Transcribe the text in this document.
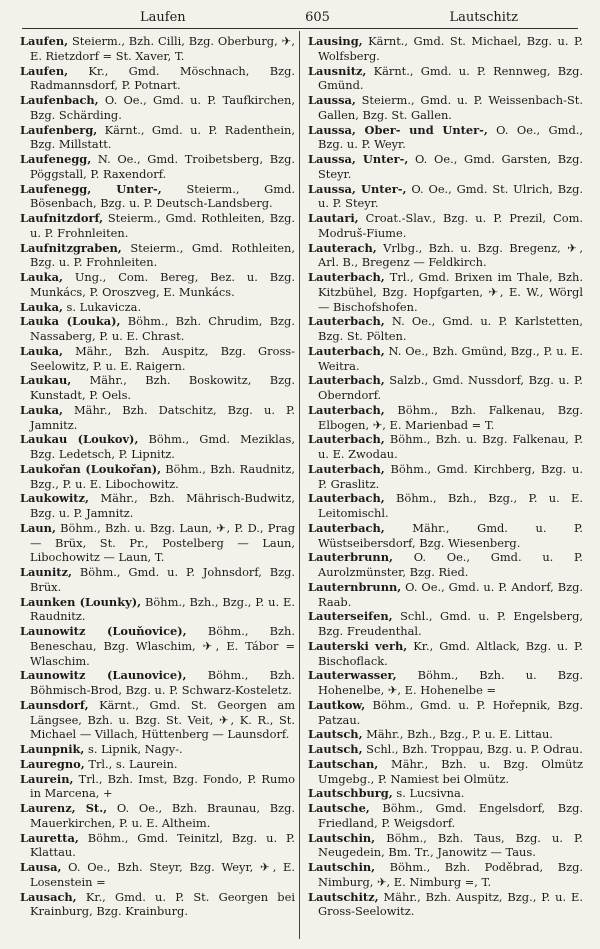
Laufen	605	Lautschitz

Laufen, Steierm., Bzh. Cilli, Bzg. Oberburg, ✈, E. Rietzdorf = St. Xaver, T.

Laufen, Kr., Gmd. Möschnach, Bzg. Radmannsdorf, P. Potnart.

Laufenbach, O. Oe., Gmd. u. P. Taufkirchen, Bzg. Schärding.

Laufenberg, Kärnt., Gmd. u. P. Radenthein, Bzg. Millstatt.

Laufenegg, N. Oe., Gmd. Troibetsberg, Bzg. Pöggstall, P. Raxendorf.

Laufenegg, Unter-, Steierm., Gmd. Bösenbach, Bzg. u. P. Deutsch-Landsberg.

Laufnitzdorf, Steierm., Gmd. Rothleiten, Bzg. u. P. Frohnleiten.

Laufnitzgraben, Steierm., Gmd. Rothleiten, Bzg. u. P. Frohnleiten.

Lauka, Ung., Com. Bereg, Bez. u. Bzg. Munkács, P. Oroszveg, E. Munkács.

Lauka, s. Lukavicza.

Lauka (Louka), Böhm., Bzh. Chrudim, Bzg. Nassaberg, P. u. E. Chrast.

Lauka, Mähr., Bzh. Auspitz, Bzg. Gross-Seelowitz, P. u. E. Raigern.

Laukau, Mähr., Bzh. Boskowitz, Bzg. Kunstadt, P. Oels.

Lauka, Mähr., Bzh. Datschitz, Bzg. u. P. Jamnitz.

Laukau (Loukov), Böhm., Gmd. Meziklas, Bzg. Ledetsch, P. Lipnitz.

Laukořan (Loukořan), Böhm., Bzh. Raudnitz, Bzg., P. u. E. Libochowitz.

Laukowitz, Mähr., Bzh. Mährisch-Budwitz, Bzg. u. P. Jamnitz.

Laun, Böhm., Bzh. u. Bzg. Laun, ✈, P. D., Prag — Brüx, St. Pr., Postelberg — Laun, Libochowitz — Laun, T.

Launitz, Böhm., Gmd. u. P. Johnsdorf, Bzg. Brüx.

Launken (Lounky), Böhm., Bzh., Bzg., P. u. E. Raudnitz.

Launowitz (Louňovice), Böhm., Bzh. Beneschau, Bzg. Wlaschim, ✈, E. Tábor = Wlaschim.

Launowitz (Launovice), Böhm., Bzh. Böhmisch-Brod, Bzg. u. P. Schwarz-Kosteletz.

Launsdorf, Kärnt., Gmd. St. Georgen am Längsee, Bzh. u. Bzg. St. Veit, ✈, K. R., St. Michael — Villach, Hüttenberg — Launsdorf.

Launpnik, s. Lipnik, Nagy-.

Lauregno, Trl., s. Laurein.

Laurein, Trl., Bzh. Imst, Bzg. Fondo, P. Rumo in Marcena, +

Laurenz, St., O. Oe., Bzh. Braunau, Bzg. Mauerkirchen, P. u. E. Altheim.

Lauretta, Böhm., Gmd. Teinitzl, Bzg. u. P. Klattau.

Lausa, O. Oe., Bzh. Steyr, Bzg. Weyr, ✈, E. Losenstein =

Lausach, Kr., Gmd. u. P. St. Georgen bei Krainburg, Bzg. Krainburg.

Lausing, Kärnt., Gmd. St. Michael, Bzg. u. P. Wolfsberg.

Lausnitz, Kärnt., Gmd. u. P. Rennweg, Bzg. Gmünd.

Laussa, Steierm., Gmd. u. P. Weissenbach-St. Gallen, Bzg. St. Gallen.

Laussa, Ober- und Unter-, O. Oe., Gmd., Bzg. u. P. Weyr.

Laussa, Unter-, O. Oe., Gmd. Garsten, Bzg. Steyr.

Laussa, Unter-, O. Oe., Gmd. St. Ulrich, Bzg. u. P. Steyr.

Lautari, Croat.-Slav., Bzg. u. P. Prezil, Com. Modruš-Fiume.

Lauterach, Vrlbg., Bzh. u. Bzg. Bregenz, ✈, Arl. B., Bregenz — Feldkirch.

Lauterbach, Trl., Gmd. Brixen im Thale, Bzh. Kitzbühel, Bzg. Hopfgarten, ✈, E. W., Wörgl — Bischofshofen.

Lauterbach, N. Oe., Gmd. u. P. Karlstetten, Bzg. St. Pölten.

Lauterbach, N. Oe., Bzh. Gmünd, Bzg., P. u. E. Weitra.

Lauterbach, Salzb., Gmd. Nussdorf, Bzg. u. P. Oberndorf.

Lauterbach, Böhm., Bzh. Falkenau, Bzg. Elbogen, ✈, E. Marienbad = T.

Lauterbach, Böhm., Bzh. u. Bzg. Falkenau, P. u. E. Zwodau.

Lauterbach, Böhm., Gmd. Kirchberg, Bzg. u. P. Graslitz.

Lauterbach, Böhm., Bzh., Bzg., P. u. E. Leitomischl.

Lauterbach, Mähr., Gmd. u. P. Wüstseibersdorf, Bzg. Wiesenberg.

Lauterbrunn, O. Oe., Gmd. u. P. Aurolzmünster, Bzg. Ried.

Lauternbrunn, O. Oe., Gmd. u. P. Andorf, Bzg. Raab.

Lauterseifen, Schl., Gmd. u. P. Engelsberg, Bzg. Freudenthal.

Lauterski verh, Kr., Gmd. Altlack, Bzg. u. P. Bischoflack.

Lauterwasser, Böhm., Bzh. u. Bzg. Hohenelbe, ✈, E. Hohenelbe =

Lautkow, Böhm., Gmd. u. P. Hořepnik, Bzg. Patzau.

Lautsch, Mähr., Bzh., Bzg., P. u. E. Littau.

Lautsch, Schl., Bzh. Troppau, Bzg. u. P. Odrau.

Lautschan, Mähr., Bzh. u. Bzg. Olmütz Umgebg., P. Namiest bei Olmütz.

Lautschburg, s. Lucsivna.

Lautsche, Böhm., Gmd. Engelsdorf, Bzg. Friedland, P. Weigsdorf.

Lautschin, Böhm., Bzh. Taus, Bzg. u. P. Neugedein, Bm. Tr., Janowitz — Taus.

Lautschin, Böhm., Bzh. Poděbrad, Bzg. Nimburg, ✈, E. Nimburg =, T.

Lautschitz, Mähr., Bzh. Auspitz, Bzg., P. u. E. Gross-Seelowitz.
